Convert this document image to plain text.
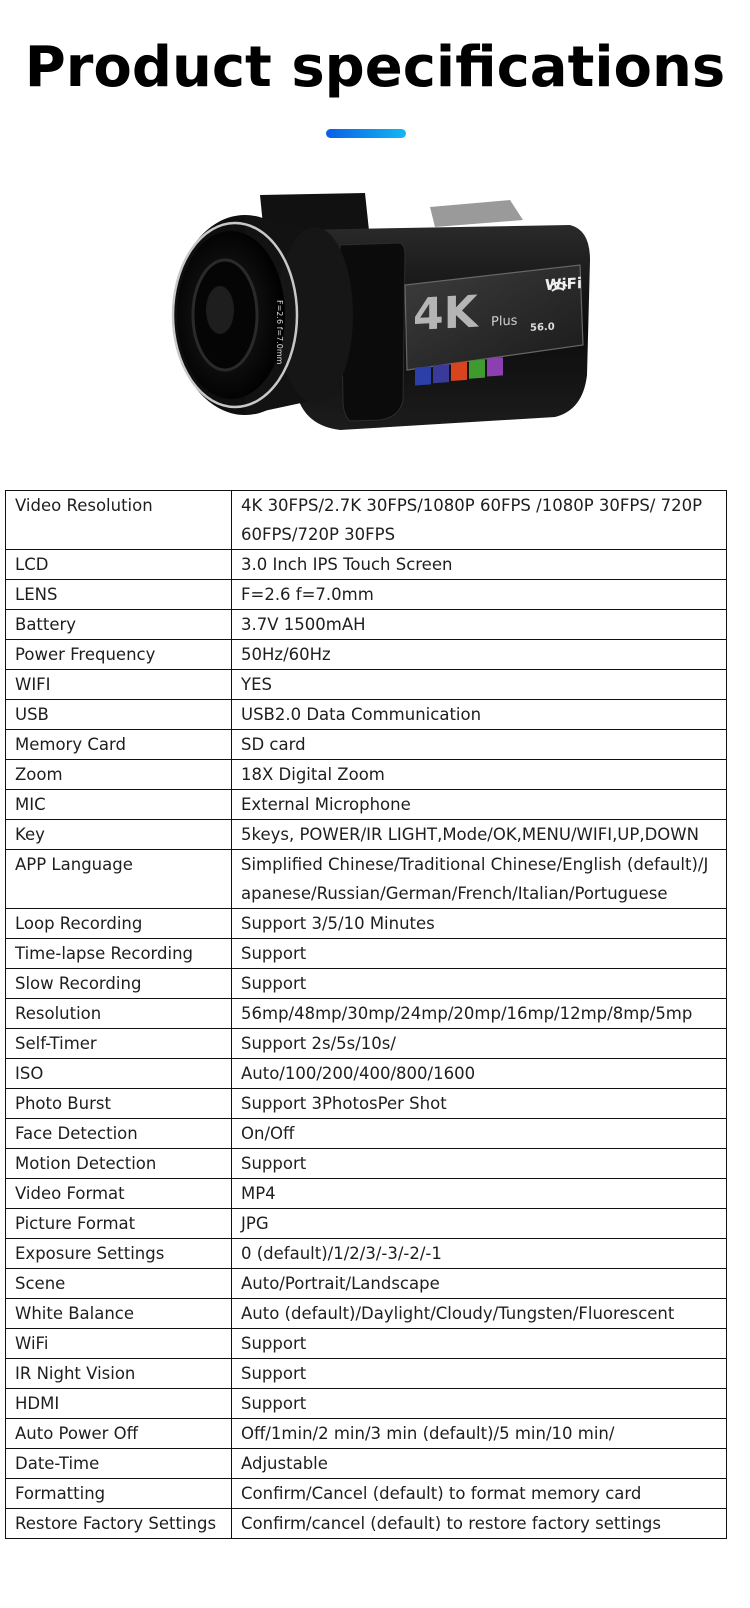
Product specifications
4K Plus
WiFi
56.0
F=2.6 f=7.0mm
Video Resolution	4K 30FPS/2.7K 30FPS/1080P 60FPS /1080P 30FPS/ 720P 60FPS/720P 30FPS
LCD	3.0 Inch IPS Touch Screen
LENS	F=2.6 f=7.0mm
Battery	3.7V 1500mAH
Power Frequency	50Hz/60Hz
WIFI	YES
USB	USB2.0 Data Communication
Memory Card	SD card
Zoom	18X Digital Zoom
MIC	External Microphone
Key	5keys, POWER/IR LIGHT,Mode/OK,MENU/WIFI,UP,DOWN
APP Language	Simplified Chinese/Traditional Chinese/English (default)/Japanese/Russian/German/French/Italian/Portuguese
Loop Recording	Support 3/5/10 Minutes
Time-lapse Recording	Support
Slow Recording	Support
Resolution	56mp/48mp/30mp/24mp/20mp/16mp/12mp/8mp/5mp
Self-Timer	Support 2s/5s/10s/
ISO	Auto/100/200/400/800/1600
Photo Burst	Support 3PhotosPer Shot
Face Detection	On/Off
Motion Detection	Support
Video Format	MP4
Picture Format	JPG
Exposure Settings	0 (default)/1/2/3/-3/-2/-1
Scene	Auto/Portrait/Landscape
White Balance	Auto (default)/Daylight/Cloudy/Tungsten/Fluorescent
WiFi	Support
IR Night Vision	Support
HDMI	Support
Auto Power Off	Off/1min/2 min/3 min (default)/5 min/10 min/
Date-Time	Adjustable
Formatting	Confirm/Cancel (default) to format memory card
Restore Factory Settings	Confirm/cancel (default) to restore factory settings
